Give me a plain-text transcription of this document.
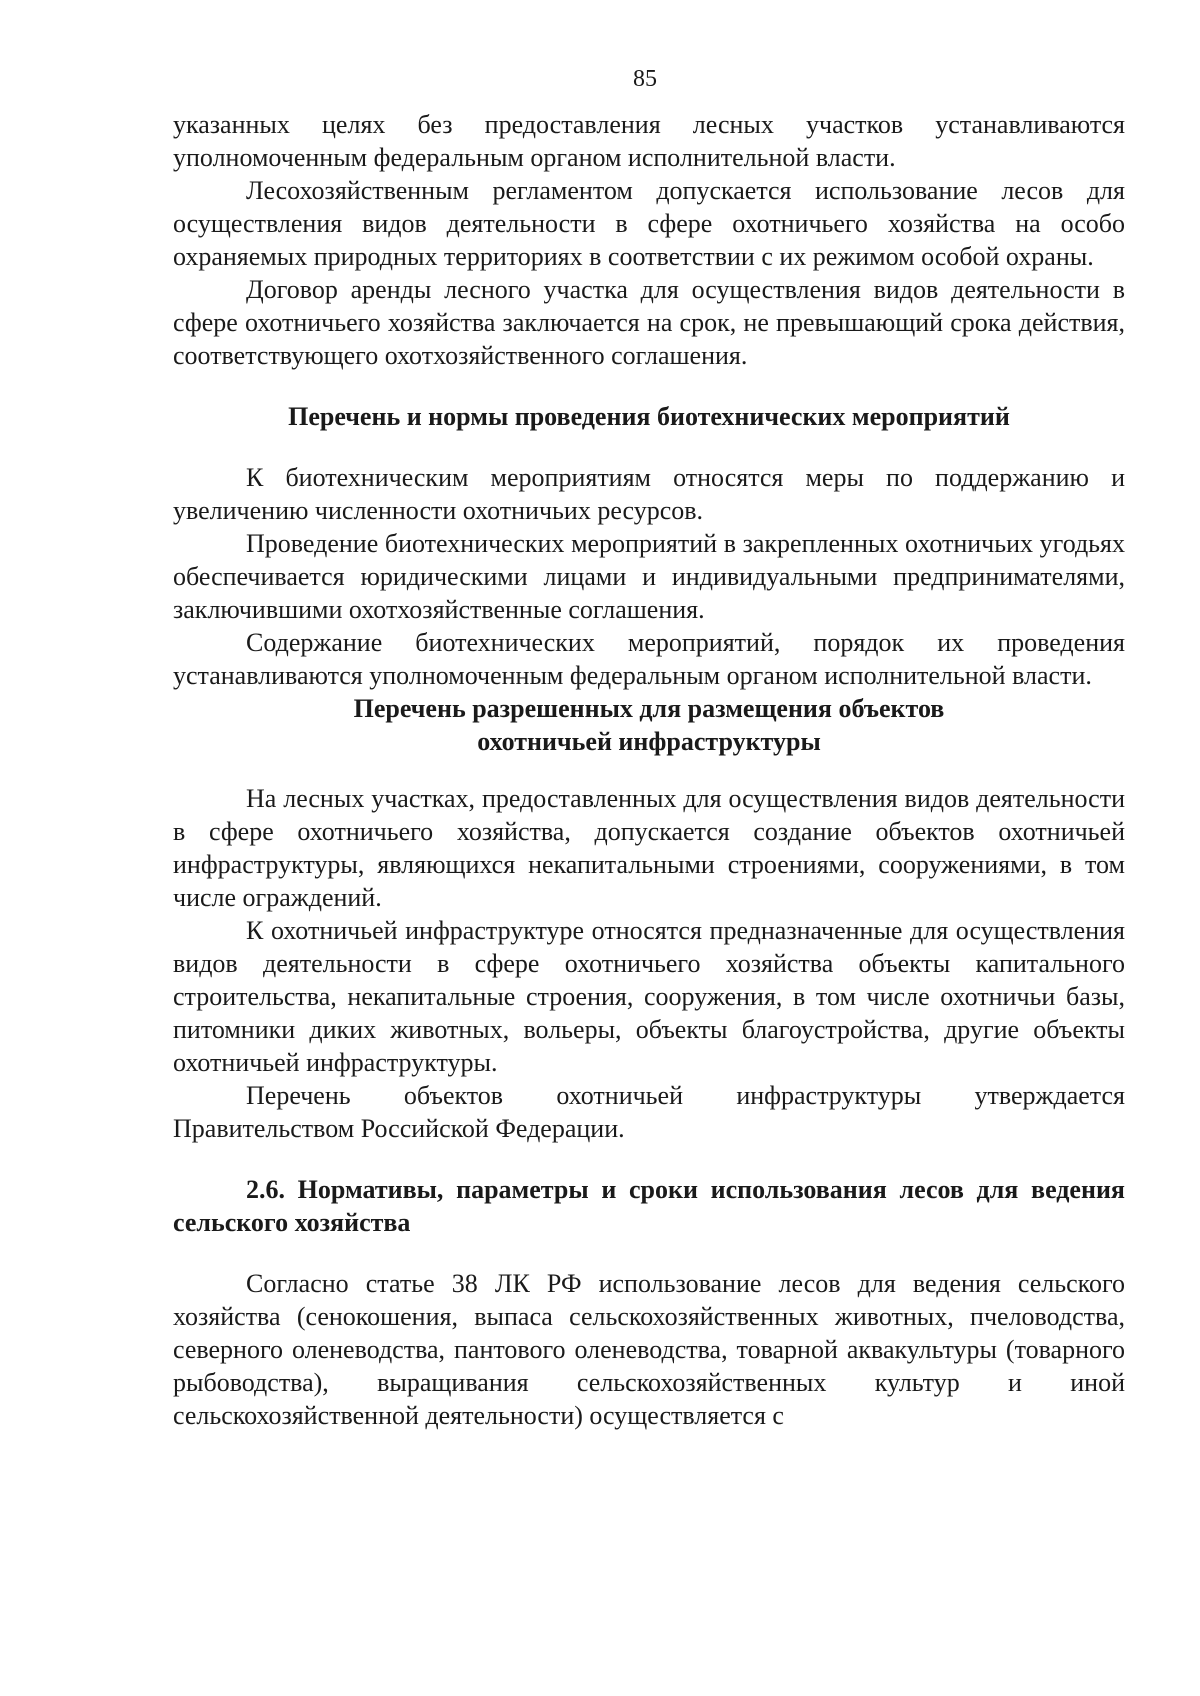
85

указанных целях без предоставления лесных участков устанавливаются уполномоченным федеральным органом исполнительной власти.

Лесохозяйственным регламентом допускается использование лесов для осуществления видов деятельности в сфере охотничьего хозяйства на особо охраняемых природных территориях в соответствии с их режимом особой охраны.

Договор аренды лесного участка для осуществления видов деятельности в сфере охотничьего хозяйства заключается на срок, не превышающий срока действия, соответствующего охотхозяйственного соглашения.

Перечень и нормы проведения биотехнических мероприятий

К биотехническим мероприятиям относятся меры по поддержанию и увеличению численности охотничьих ресурсов.

Проведение биотехнических мероприятий в закрепленных охотничьих угодьях обеспечивается юридическими лицами и индивидуальными предпринимателями, заключившими охотхозяйственные соглашения.

Содержание биотехнических мероприятий, порядок их проведения устанавливаются уполномоченным федеральным органом исполнительной власти.

Перечень разрешенных для размещения объектов

охотничьей инфраструктуры

На лесных участках, предоставленных для осуществления видов деятельности в сфере охотничьего хозяйства, допускается создание объектов охотничьей инфраструктуры, являющихся некапитальными строениями, сооружениями, в том числе ограждений.

К охотничьей инфраструктуре относятся предназначенные для осуществления видов деятельности в сфере охотничьего хозяйства объекты капитального строительства, некапитальные строения, сооружения, в том числе охотничьи базы, питомники диких животных, вольеры, объекты благоустройства, другие объекты охотничьей инфраструктуры.

Перечень объектов охотничьей инфраструктуры утверждается Правительством Российской Федерации.

2.6. Нормативы, параметры и сроки использования лесов для ведения сельского хозяйства

Согласно статье 38 ЛК РФ использование лесов для ведения сельского хозяйства (сенокошения, выпаса сельскохозяйственных животных, пчеловодства, северного оленеводства, пантового оленеводства, товарной аквакультуры (товарного рыбоводства), выращивания сельскохозяйственных культур и иной сельскохозяйственной деятельности) осуществляется с
